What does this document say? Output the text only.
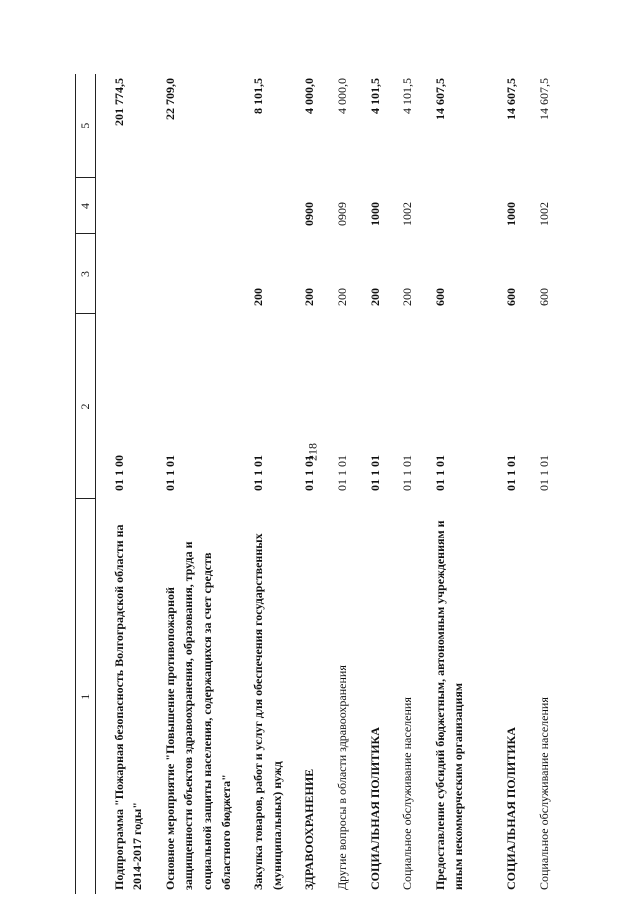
218
1	2	3	4	5

Подпрограмма "Пожарная безопасность Волгоградской области на 2014-2017 годы"	01 1 00			201 774,5

Основное мероприятие "Повышение противопожарной защищенности объектов здравоохранения, образования, труда и социальной защиты населения, содержащихся за счет средств областного бюджета"	01 1 01			22 709,0

Закупка товаров, работ и услуг для обеспечения государственных (муниципальных) нужд	01 1 01	200		8 101,5

ЗДРАВООХРАНЕНИЕ	01 1 01	200	0900	4 000,0

Другие вопросы в области здравоохранения	01 1 01	200	0909	4 000,0

СОЦИАЛЬНАЯ ПОЛИТИКА	01 1 01	200	1000	4 101,5

Социальное обслуживание населения	01 1 01	200	1002	4 101,5

Предоставление субсидий бюджетным, автономным учреждениям и иным некоммерческим организациям	01 1 01	600		14 607,5

СОЦИАЛЬНАЯ ПОЛИТИКА	01 1 01	600	1000	14 607,5

Социальное обслуживание населения	01 1 01	600	1002	14 607,5
